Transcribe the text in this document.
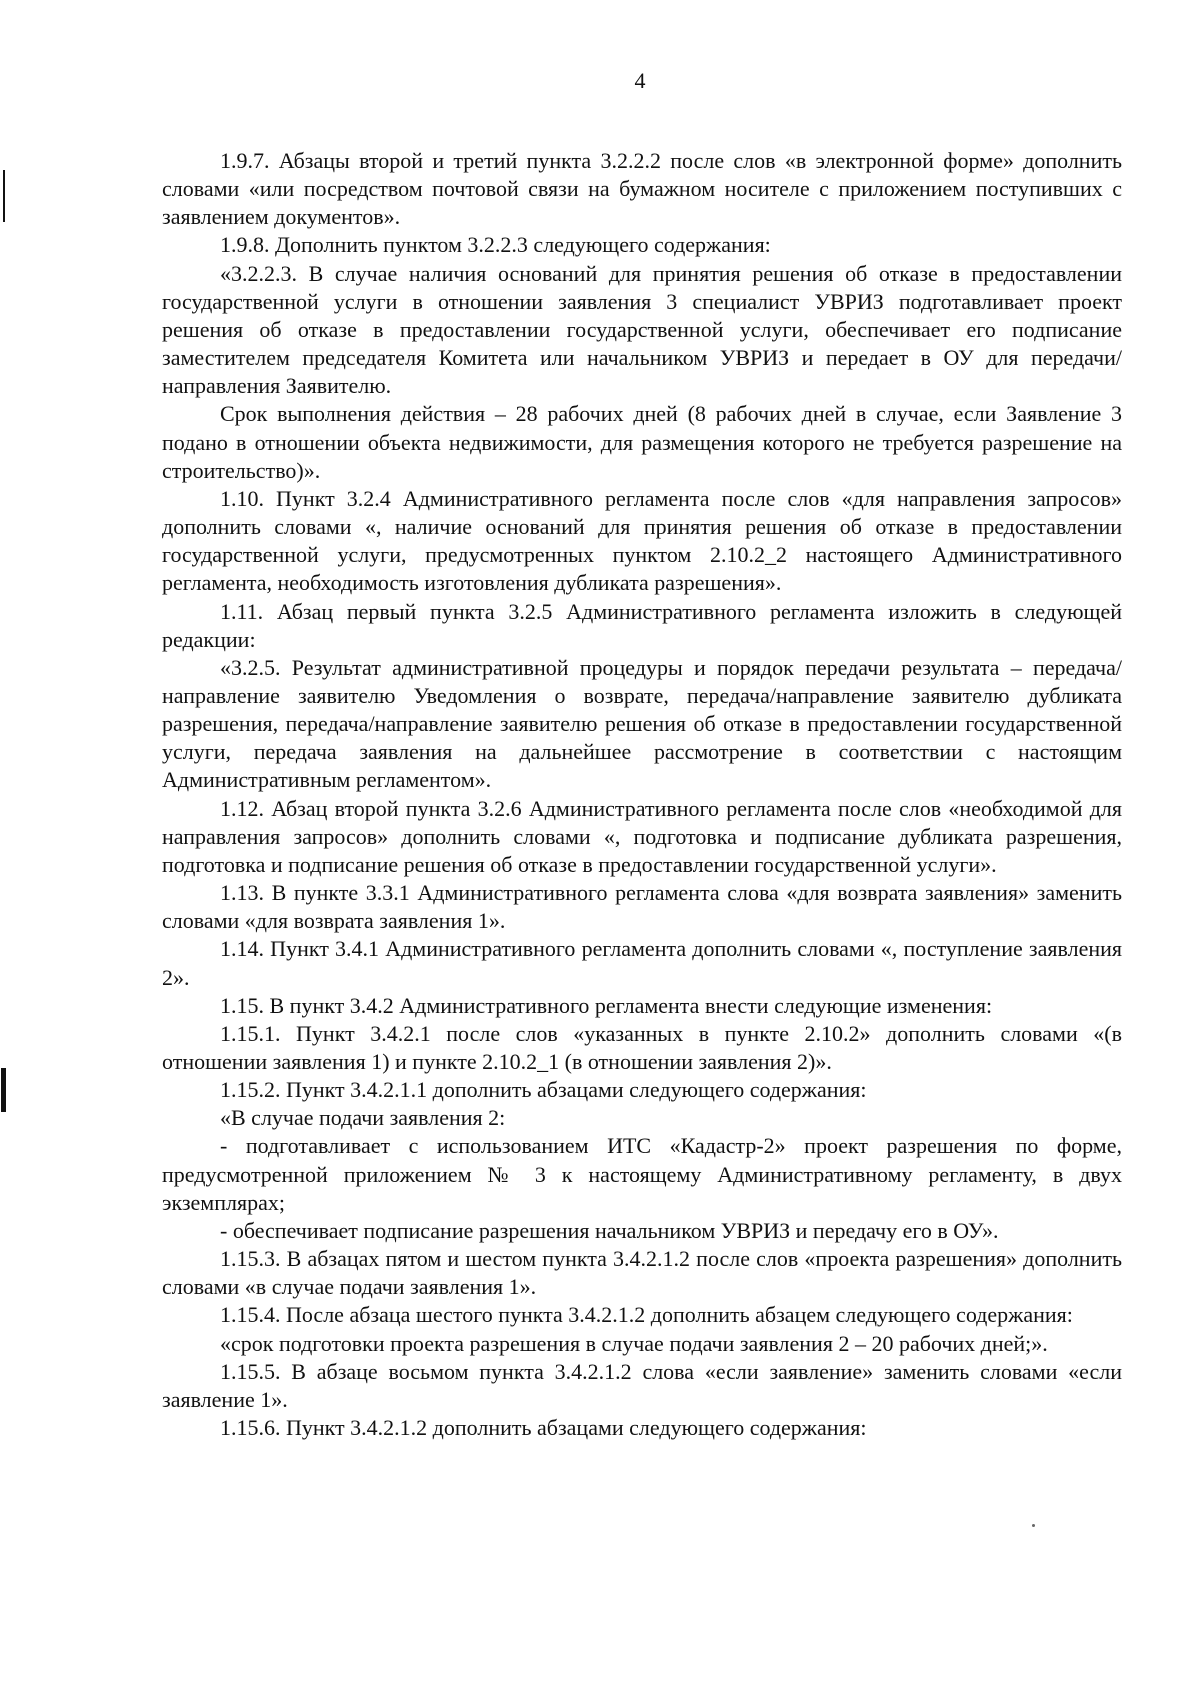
4

1.9.7. Абзацы второй и третий пункта 3.2.2.2 после слов «в электронной форме» дополнить словами «или посредством почтовой связи на бумажном носителе с приложением поступивших с заявлением документов».

1.9.8. Дополнить пунктом 3.2.2.3 следующего содержания:

«3.2.2.3. В случае наличия оснований для принятия решения об отказе в предоставлении государственной услуги в отношении заявления 3 специалист УВРИЗ подготавливает проект решения об отказе в предоставлении государственной услуги, обеспечивает его подписание заместителем председателя Комитета или начальником УВРИЗ и передает в ОУ для передачи/направления Заявителю.

Срок выполнения действия – 28 рабочих дней (8 рабочих дней в случае, если Заявление 3 подано в отношении объекта недвижимости, для размещения которого не требуется разрешение на строительство)».

1.10. Пункт 3.2.4 Административного регламента после слов «для направления запросов» дополнить словами «, наличие оснований для принятия решения об отказе в предоставлении государственной услуги, предусмотренных пунктом 2.10.2_2 настоящего Административного регламента, необходимость изготовления дубликата разрешения».

1.11. Абзац первый пункта 3.2.5 Административного регламента изложить в следующей редакции:

«3.2.5. Результат административной процедуры и порядок передачи результата – передача/направление заявителю Уведомления о возврате, передача/направление заявителю дубликата разрешения, передача/направление заявителю решения об отказе в предоставлении государственной услуги, передача заявления на дальнейшее рассмотрение в соответствии с настоящим Административным регламентом».

1.12. Абзац второй пункта 3.2.6 Административного регламента после слов «необходимой для направления запросов» дополнить словами «, подготовка и подписание дубликата разрешения, подготовка и подписание решения об отказе в предоставлении государственной услуги».

1.13. В пункте 3.3.1 Административного регламента слова «для возврата заявления» заменить словами «для возврата заявления 1».

1.14. Пункт 3.4.1 Административного регламента дополнить словами «, поступление заявления 2».

1.15. В пункт 3.4.2 Административного регламента внести следующие изменения:

1.15.1. Пункт 3.4.2.1 после слов «указанных в пункте 2.10.2» дополнить словами «(в отношении заявления 1) и пункте 2.10.2_1 (в отношении заявления 2)».

1.15.2. Пункт 3.4.2.1.1 дополнить абзацами следующего содержания:

«В случае подачи заявления 2:

- подготавливает с использованием ИТС «Кадастр-2» проект разрешения по форме, предусмотренной приложением № 3 к настоящему Административному регламенту, в двух экземплярах;

- обеспечивает подписание разрешения начальником УВРИЗ и передачу его в ОУ».

1.15.3. В абзацах пятом и шестом пункта 3.4.2.1.2 после слов «проекта разрешения» дополнить словами «в случае подачи заявления 1».

1.15.4. После абзаца шестого пункта 3.4.2.1.2 дополнить абзацем следующего содержания:

«срок подготовки проекта разрешения в случае подачи заявления 2 – 20 рабочих дней;».

1.15.5. В абзаце восьмом пункта 3.4.2.1.2 слова «если заявление» заменить словами «если заявление 1».

1.15.6. Пункт 3.4.2.1.2 дополнить абзацами следующего содержания:
